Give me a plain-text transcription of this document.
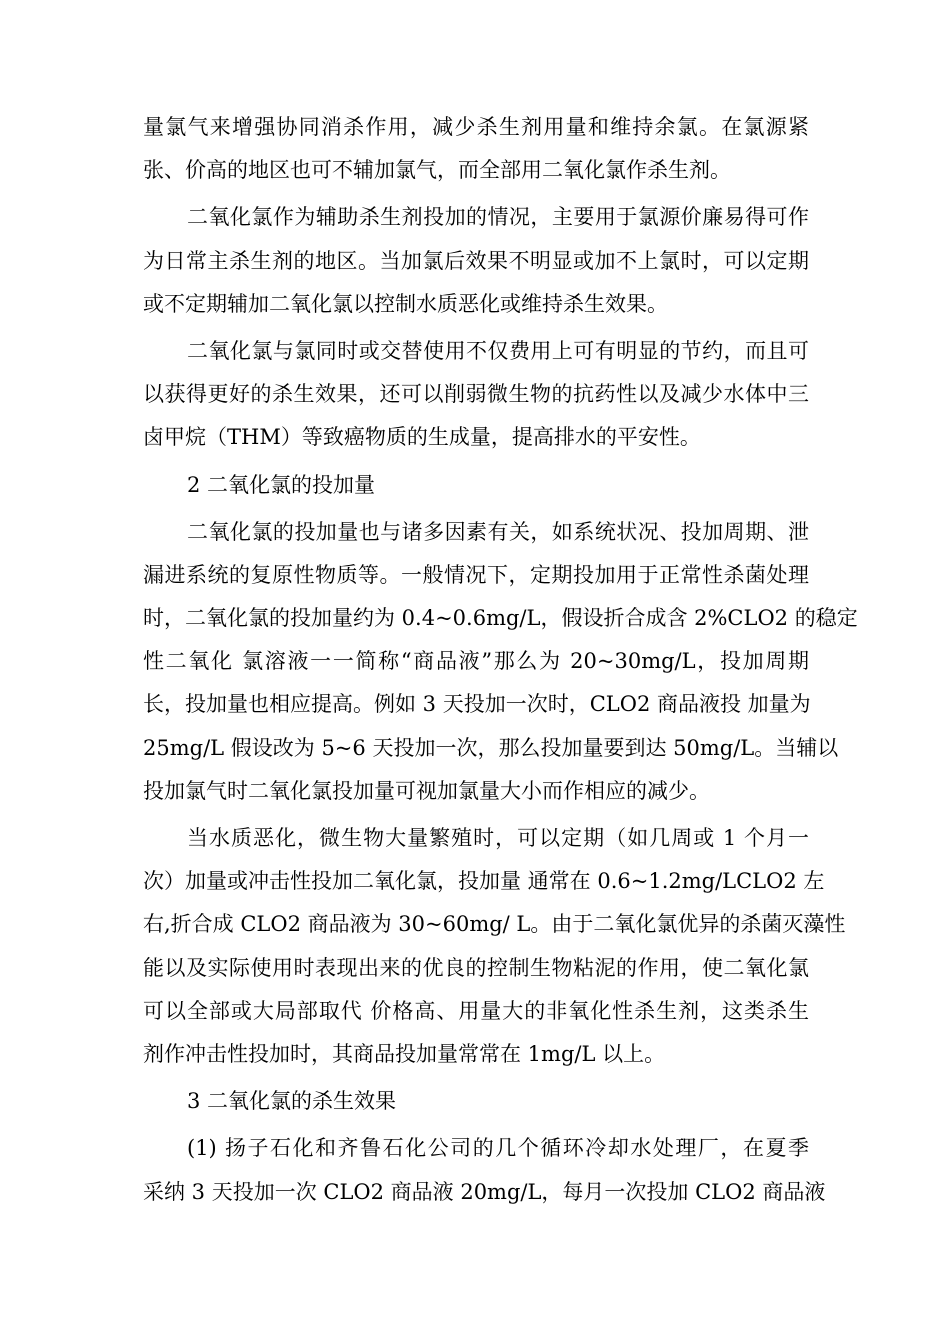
量氯气来增强协同消杀作用，减少杀生剂用量和维持余氯。在氯源紧
张、价高的地区也可不辅加氯气，而全部用二氧化氯作杀生剂。
二氧化氯作为辅助杀生剂投加的情况，主要用于氯源价廉易得可作
为日常主杀生剂的地区。当加氯后效果不明显或加不上氯时，可以定期
或不定期辅加二氧化氯以控制水质恶化或维持杀生效果。
二氧化氯与氯同时或交替使用不仅费用上可有明显的节约，而且可
以获得更好的杀生效果，还可以削弱微生物的抗药性以及减少水体中三
卤甲烷（THM）等致癌物质的生成量，提高排水的平安性。
2 二氧化氯的投加量
二氧化氯的投加量也与诸多因素有关，如系统状况、投加周期、泄
漏进系统的复原性物质等。一般情况下，定期投加用于正常性杀菌处理
时，二氧化氯的投加量约为 0.4~0.6mg/L，假设折合成含 2%CLO2 的稳定
性二氧化 氯溶液一一简称“商品液”那么为 20~30mg/L，投加周期
长，投加量也相应提高。例如 3 天投加一次时，CLO2 商品液投 加量为
25mg/L 假设改为 5~6 天投加一次，那么投加量要到达 50mg/L。当辅以
投加氯气时二氧化氯投加量可视加氯量大小而作相应的减少。
当水质恶化，微生物大量繁殖时，可以定期（如几周或 1 个月一
次）加量或冲击性投加二氧化氯，投加量 通常在 0.6~1.2mg/LCLO2 左
右,折合成 CLO2 商品液为 30~60mg/ L。由于二氧化氯优异的杀菌灭藻性
能以及实际使用时表现出来的优良的控制生物粘泥的作用，使二氧化氯
可以全部或大局部取代 价格高、用量大的非氧化性杀生剂，这类杀生
剂作冲击性投加时，其商品投加量常常在 1mg/L 以上。
3 二氧化氯的杀生效果
(1) 扬子石化和齐鲁石化公司的几个循环冷却水处理厂，在夏季
采纳 3 天投加一次 CLO2 商品液 20mg/L，每月一次投加 CLO2 商品液
